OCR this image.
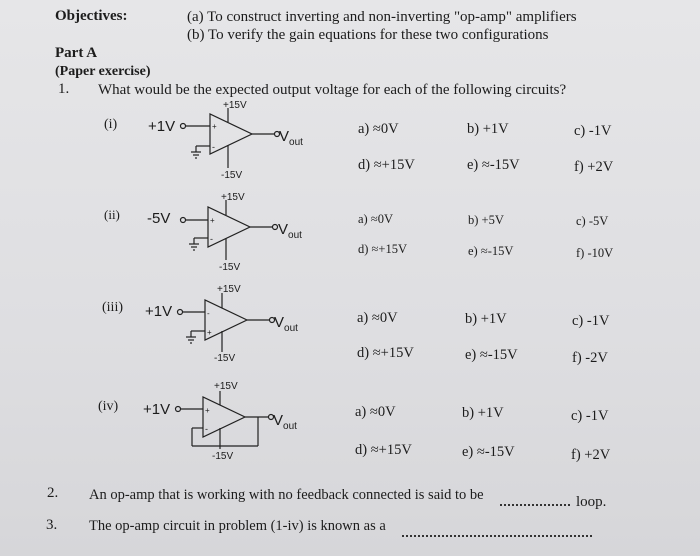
Objectives:	(a) To construct inverting and non-inverting "op-amp" amplifiers
(b) To verify the gain equations for these two configurations
Part A
(Paper exercise)
1. What would be the expected output voltage for each of the following circuits?
(i) +1V
+15V
-15V
$V_{out}$
+
-
a) ≈0V	b) +1V	c) -1V
d) ≈+15V	e) ≈-15V	f) +2V
(ii) -5V
+15V
-15V
$V_{out}$
+
-
a) ≈0V	b) +5V	c) -5V
d) ≈+15V	e) ≈-15V	f) -10V
(iii) +1V
+15V
-15V
$V_{out}$
-
+
a) ≈0V	b) +1V	c) -1V
d) ≈+15V	e) ≈-15V	f) -2V
(iv) +1V
+15V
-15V
$V_{out}$
+
-
a) ≈0V	b) +1V	c) -1V
d) ≈+15V	e) ≈-15V	f) +2V
2. An op-amp that is working with no feedback connected is said to be	loop.
3. The op-amp circuit in problem (1-iv) is known as a
